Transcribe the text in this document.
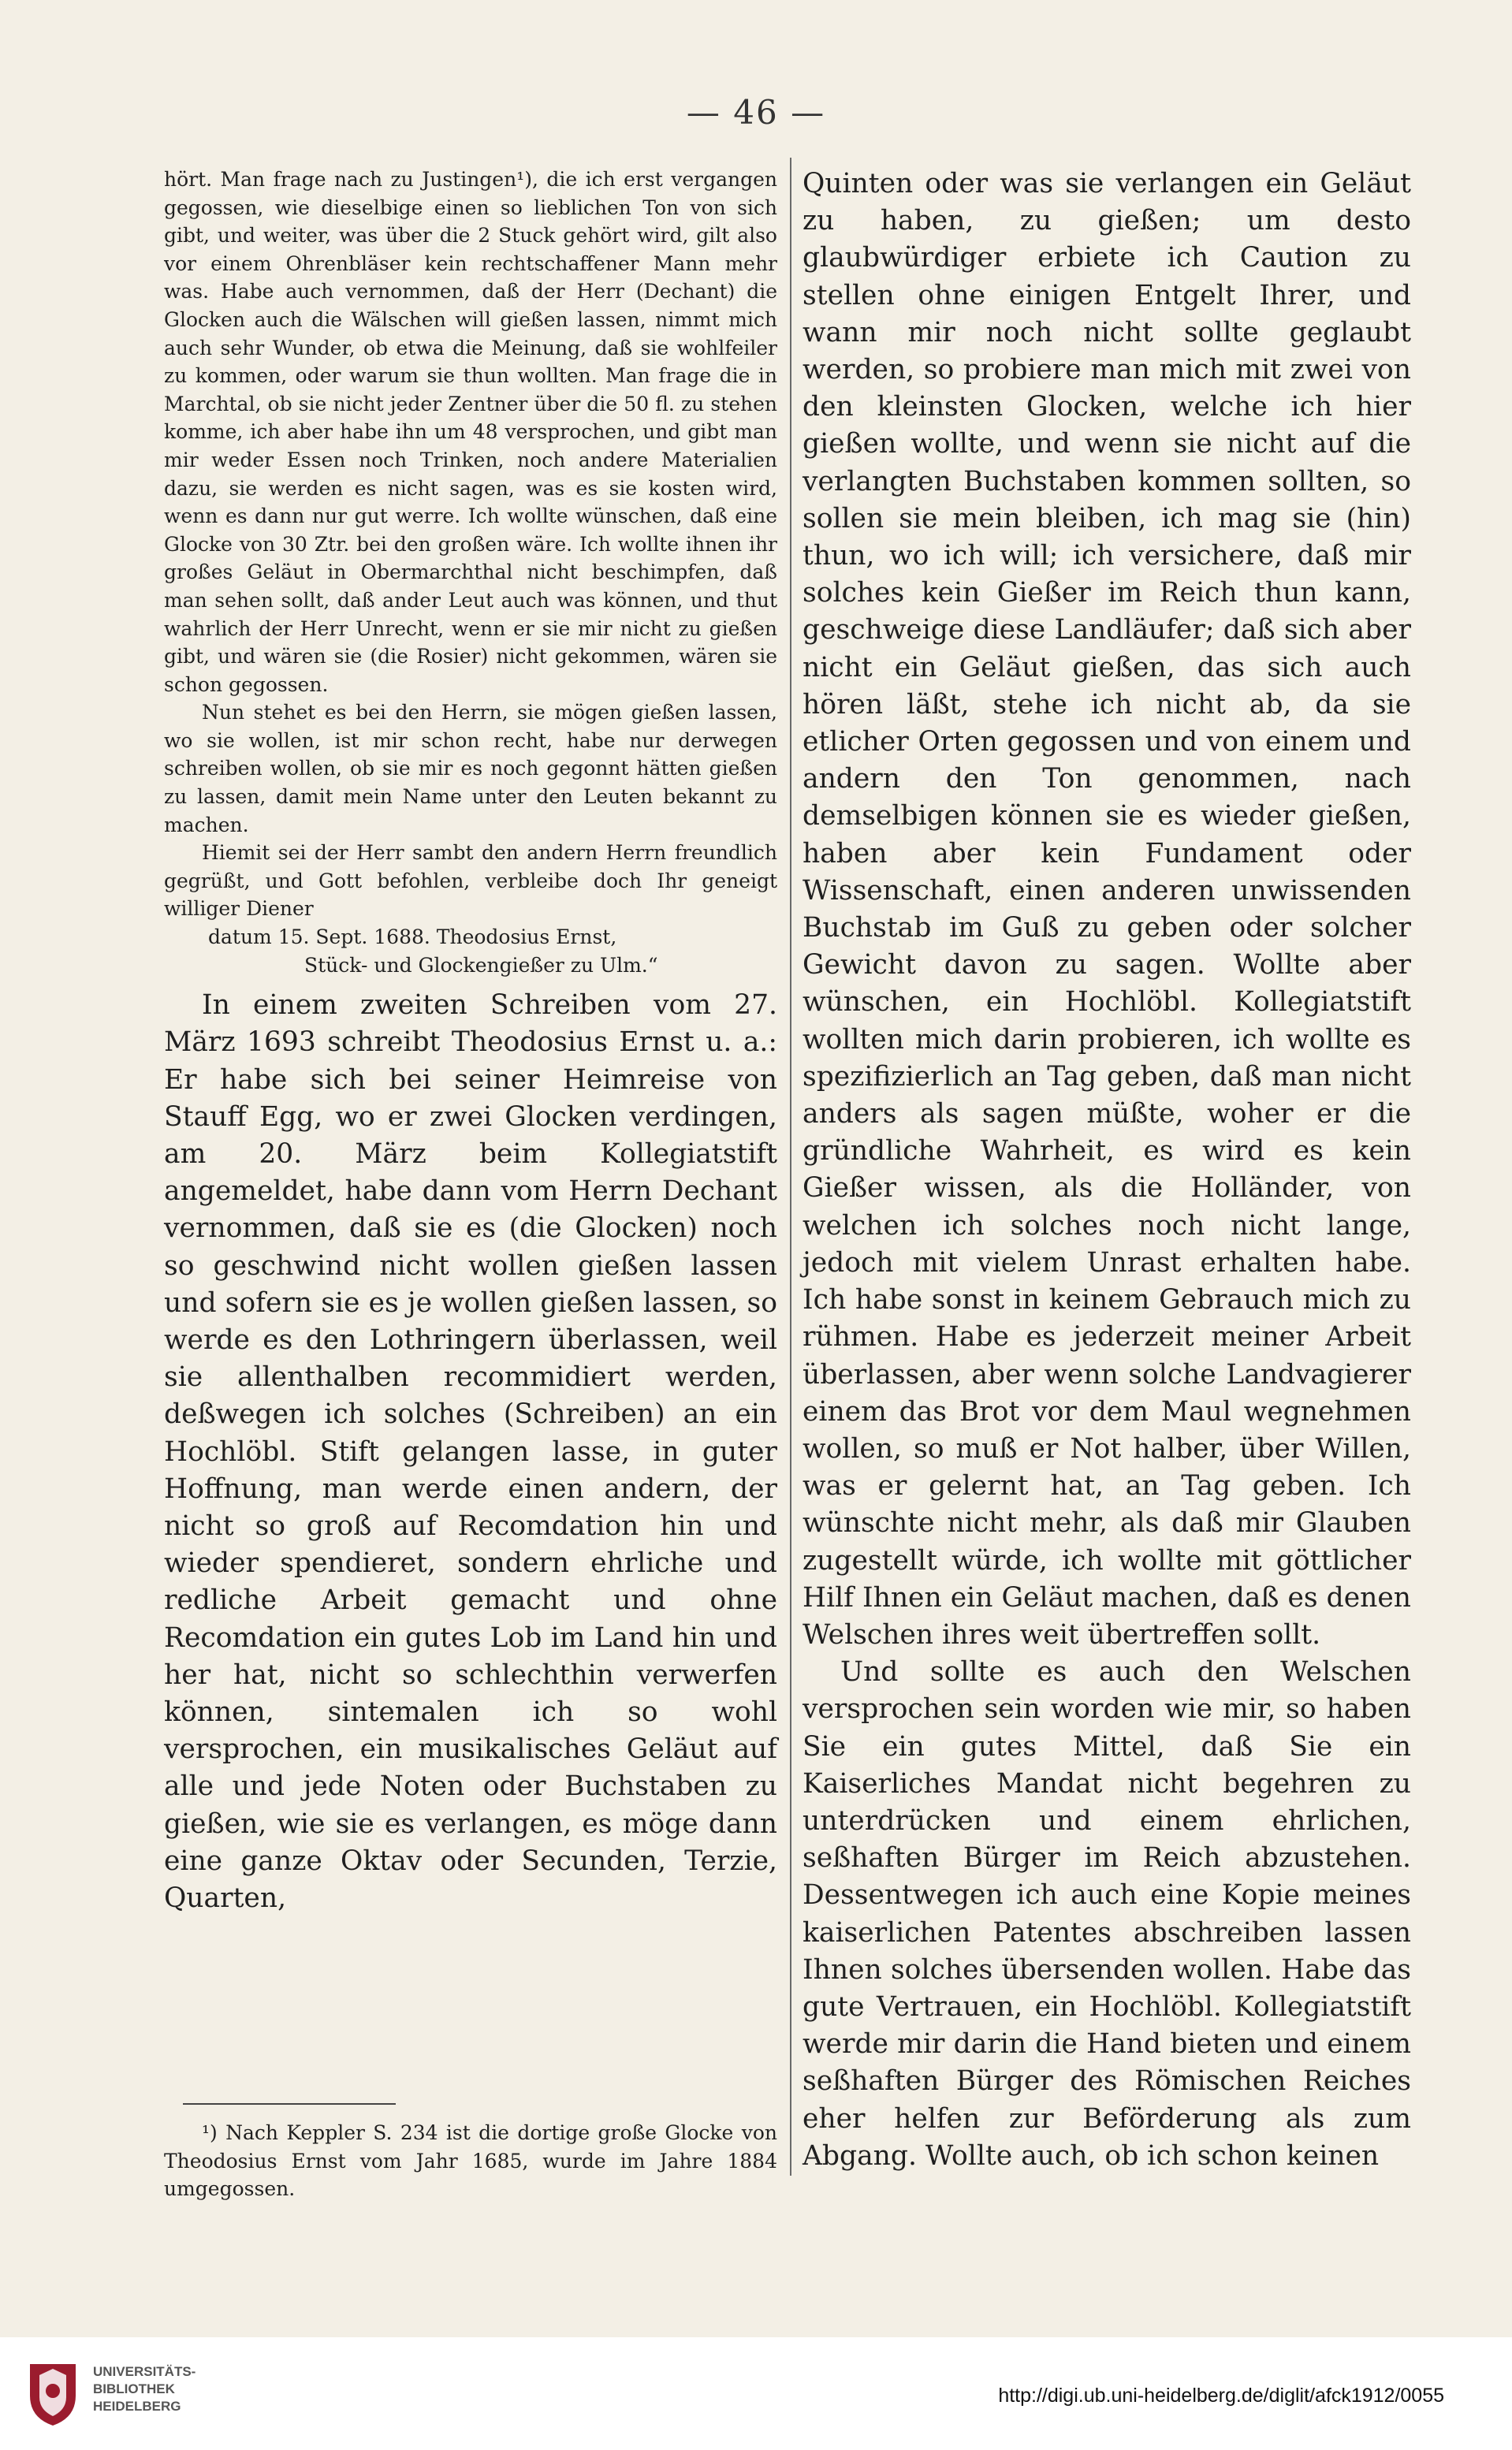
— 46 —

hört. Man frage nach zu Justingen¹), die ich erst vergangen gegossen, wie dieselbige einen so lieblichen Ton von sich gibt, und weiter, was über die 2 Stuck gehört wird, gilt also vor einem Ohrenbläser kein rechtschaffener Mann mehr was. Habe auch vernommen, daß der Herr (Dechant) die Glocken auch die Wälschen will gießen lassen, nimmt mich auch sehr Wunder, ob etwa die Meinung, daß sie wohlfeiler zu kommen, oder warum sie thun wollten. Man frage die in Marchtal, ob sie nicht jeder Zentner über die 50 fl. zu stehen komme, ich aber habe ihn um 48 versprochen, und gibt man mir weder Essen noch Trinken, noch andere Materialien dazu, sie werden es nicht sagen, was es sie kosten wird, wenn es dann nur gut werre. Ich wollte wünschen, daß eine Glocke von 30 Ztr. bei den großen wäre. Ich wollte ihnen ihr großes Geläut in Obermarchthal nicht beschimpfen, daß man sehen sollt, daß ander Leut auch was können, und thut wahrlich der Herr Unrecht, wenn er sie mir nicht zu gießen gibt, und wären sie (die Rosier) nicht gekommen, wären sie schon gegossen.

Nun stehet es bei den Herrn, sie mögen gießen lassen, wo sie wollen, ist mir schon recht, habe nur derwegen schreiben wollen, ob sie mir es noch gegonnt hätten gießen zu lassen, damit mein Name unter den Leuten bekannt zu machen.

Hiemit sei der Herr sambt den andern Herrn freundlich gegrüßt, und Gott befohlen, verbleibe doch Ihr geneigt williger Diener

datum 15. Sept. 1688. Theodosius Ernst,

Stück- und Glockengießer zu Ulm.“

In einem zweiten Schreiben vom 27. März 1693 schreibt Theodosius Ernst u. a.: Er habe sich bei seiner Heimreise von Stauff Egg, wo er zwei Glocken verdingen, am 20. März beim Kollegiatstift angemeldet, habe dann vom Herrn Dechant vernommen, daß sie es (die Glocken) noch so geschwind nicht wollen gießen lassen und sofern sie es je wollen gießen lassen, so werde es den Lothringern überlassen, weil sie allenthalben recommidiert werden, deßwegen ich solches (Schreiben) an ein Hochlöbl. Stift gelangen lasse, in guter Hoffnung, man werde einen andern, der nicht so groß auf Recomdation hin und wieder spendieret, sondern ehrliche und redliche Arbeit gemacht und ohne Recomdation ein gutes Lob im Land hin und her hat, nicht so schlechthin verwerfen können, sintemalen ich so wohl versprochen, ein musikalisches Geläut auf alle und jede Noten oder Buchstaben zu gießen, wie sie es verlangen, es möge dann eine ganze Oktav oder Secunden, Terzie, Quarten,

¹) Nach Keppler S. 234 ist die dortige große Glocke von Theodosius Ernst vom Jahr 1685, wurde im Jahre 1884 umgegossen.

Quinten oder was sie verlangen ein Geläut zu haben, zu gießen; um desto glaubwürdiger erbiete ich Caution zu stellen ohne einigen Entgelt Ihrer, und wann mir noch nicht sollte geglaubt werden, so probiere man mich mit zwei von den kleinsten Glocken, welche ich hier gießen wollte, und wenn sie nicht auf die verlangten Buchstaben kommen sollten, so sollen sie mein bleiben, ich mag sie (hin) thun, wo ich will; ich versichere, daß mir solches kein Gießer im Reich thun kann, geschweige diese Landläufer; daß sich aber nicht ein Geläut gießen, das sich auch hören läßt, stehe ich nicht ab, da sie etlicher Orten gegossen und von einem und andern den Ton genommen, nach demselbigen können sie es wieder gießen, haben aber kein Fundament oder Wissenschaft, einen anderen unwissenden Buchstab im Guß zu geben oder solcher Gewicht davon zu sagen. Wollte aber wünschen, ein Hochlöbl. Kollegiatstift wollten mich darin probieren, ich wollte es spezifizierlich an Tag geben, daß man nicht anders als sagen müßte, woher er die gründliche Wahrheit, es wird es kein Gießer wissen, als die Holländer, von welchen ich solches noch nicht lange, jedoch mit vielem Unrast erhalten habe. Ich habe sonst in keinem Gebrauch mich zu rühmen. Habe es jederzeit meiner Arbeit überlassen, aber wenn solche Landvagierer einem das Brot vor dem Maul wegnehmen wollen, so muß er Not halber, über Willen, was er gelernt hat, an Tag geben. Ich wünschte nicht mehr, als daß mir Glauben zugestellt würde, ich wollte mit göttlicher Hilf Ihnen ein Geläut machen, daß es denen Welschen ihres weit übertreffen sollt.

Und sollte es auch den Welschen versprochen sein worden wie mir, so haben Sie ein gutes Mittel, daß Sie ein Kaiserliches Mandat nicht begehren zu unterdrücken und einem ehrlichen, seßhaften Bürger im Reich abzustehen. Dessentwegen ich auch eine Kopie meines kaiserlichen Patentes abschreiben lassen Ihnen solches übersenden wollen. Habe das gute Vertrauen, ein Hochlöbl. Kollegiatstift werde mir darin die Hand bieten und einem seßhaften Bürger des Römischen Reiches eher helfen zur Beförderung als zum Abgang. Wollte auch, ob ich schon keinen

UNIVERSITÄTS-
BIBLIOTHEK
HEIDELBERG	http://digi.ub.uni-heidelberg.de/diglit/afck1912/0055
